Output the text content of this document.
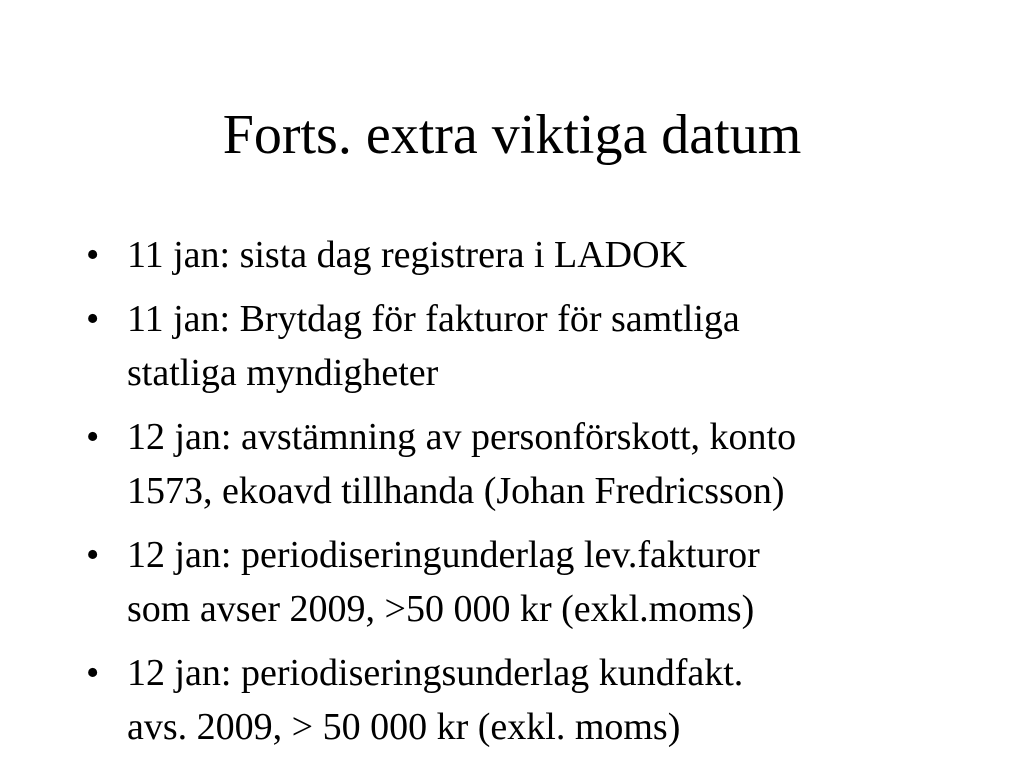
Forts. extra viktiga datum
• 11 jan: sista dag registrera i LADOK
• 11 jan: Brytdag för fakturor för samtliga
statliga myndigheter
• 12 jan: avstämning av personförskott, konto
1573, ekoavd tillhanda (Johan Fredricsson)
• 12 jan: periodiseringunderlag lev.fakturor
som avser 2009, >50 000 kr (exkl.moms)
• 12 jan: periodiseringsunderlag kundfakt.
avs. 2009, > 50 000 kr (exkl. moms)
